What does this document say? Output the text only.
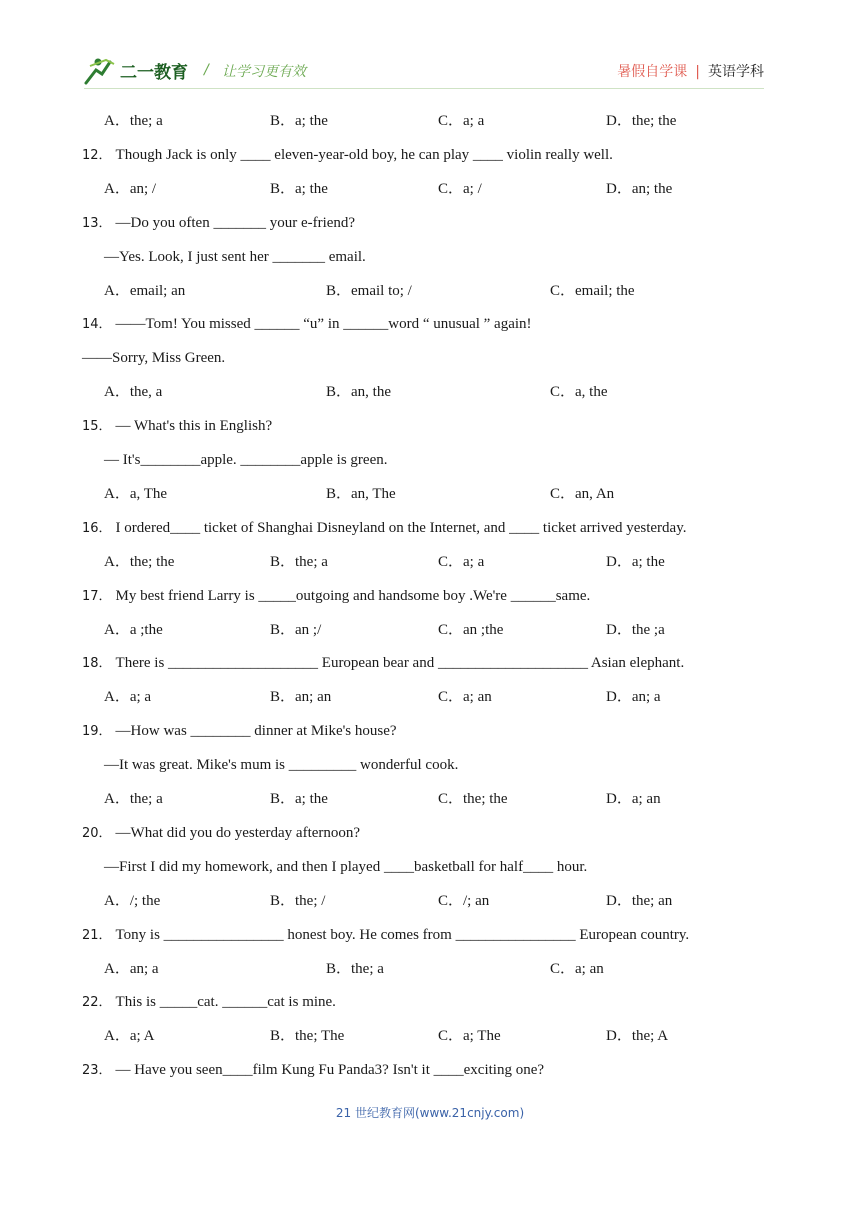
二一教育 / 让学习更有效	暑假自学课 | 英语学科
A．the; a	B．a; the	C．a; a	D．the; the
12． Though Jack is only ____ eleven-year-old boy, he can play ____ violin really well.
A．an; /	B．a; the	C．a; /	D．an; the
13． —Do you often _______ your e-friend?
—Yes. Look, I just sent her _______ email.
A．email; an	B．email to; /	C．email; the
14． ——Tom! You missed ______ “u” in ______word “ unusual ” again!
——Sorry, Miss Green.
A．the, a	B．an, the	C．a, the
15． — What's this in English?
— It's________apple. ________apple is green.
A．a, The	B．an, The	C．an, An
16． I ordered____ ticket of Shanghai Disneyland on the Internet, and ____ ticket arrived yesterday.
A．the; the	B．the; a	C．a; a	D．a; the
17． My best friend Larry is _____outgoing and handsome boy .We're ______same.
A．a ;the	B．an ;/	C．an ;the	D．the ;a
18． There is ____________________ European bear and ____________________ Asian elephant.
A．a; a	B．an; an	C．a; an	D．an; a
19． —How was ________ dinner at Mike's house?
—It was great. Mike's mum is _________ wonderful cook.
A．the; a	B．a; the	C．the; the	D．a; an
20． —What did you do yesterday afternoon?
—First I did my homework, and then I played ____basketball for half____ hour.
A．/; the	B．the; /	C．/; an	D．the; an
21． Tony is ________________ honest boy. He comes from ________________ European country.
A．an; a	B．the; a	C．a; an
22． This is _____cat. ______cat is mine.
A．a; A	B．the; The	C．a; The	D．the; A
23． — Have you seen____film Kung Fu Panda3? Isn't it ____exciting one?
21 世纪教育网(www.21cnjy.com)
